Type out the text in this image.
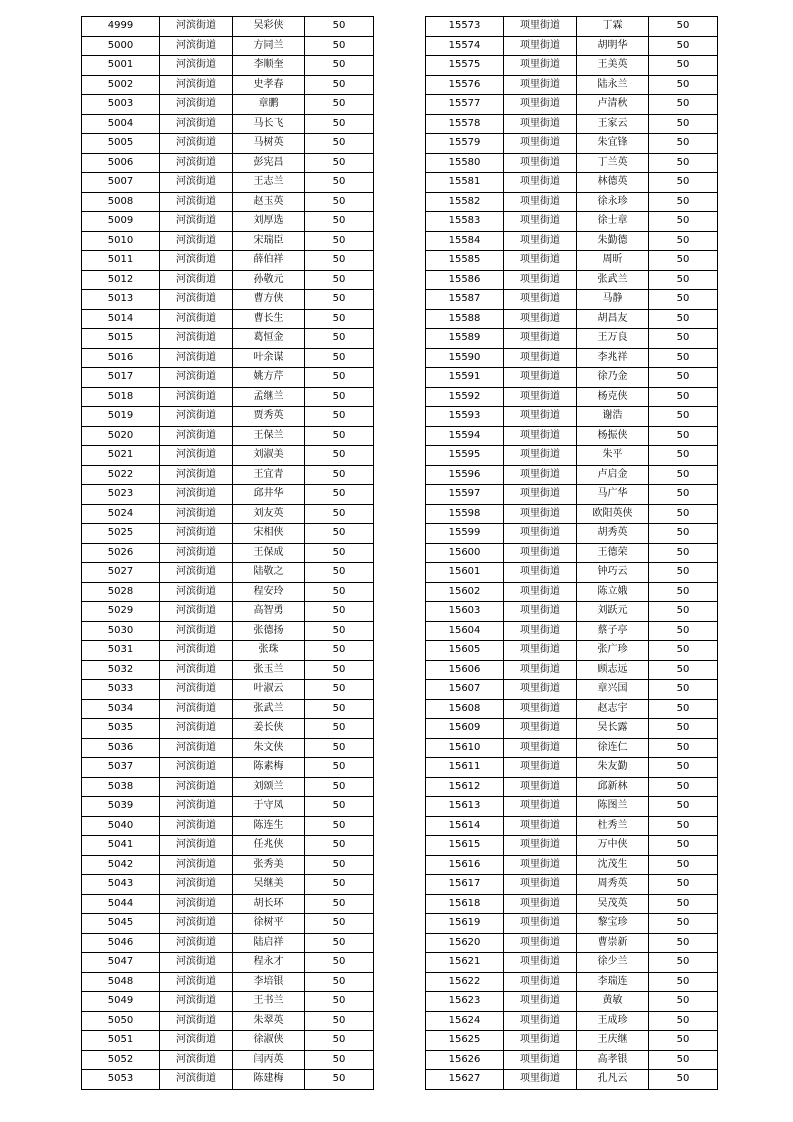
4999	河滨街道	吴彩侠	50
5000	河滨街道	方同兰	50
5001	河滨街道	李顺奎	50
5002	河滨街道	史孝春	50
5003	河滨街道	章鹏	50
5004	河滨街道	马长飞	50
5005	河滨街道	马树英	50
5006	河滨街道	彭宪昌	50
5007	河滨街道	王志兰	50
5008	河滨街道	赵玉英	50
5009	河滨街道	刘厚选	50
5010	河滨街道	宋瑞臣	50
5011	河滨街道	薛伯祥	50
5012	河滨街道	孙敬元	50
5013	河滨街道	曹方侠	50
5014	河滨街道	曹长生	50
5015	河滨街道	葛恒金	50
5016	河滨街道	叶余谋	50
5017	河滨街道	姚方芹	50
5018	河滨街道	孟继兰	50
5019	河滨街道	贾秀英	50
5020	河滨街道	王保兰	50
5021	河滨街道	刘淑美	50
5022	河滨街道	王宜青	50
5023	河滨街道	邱井华	50
5024	河滨街道	刘友英	50
5025	河滨街道	宋相侠	50
5026	河滨街道	王保成	50
5027	河滨街道	陆敬之	50
5028	河滨街道	程安玲	50
5029	河滨街道	高智勇	50
5030	河滨街道	张德扬	50
5031	河滨街道	张珠	50
5032	河滨街道	张玉兰	50
5033	河滨街道	叶淑云	50
5034	河滨街道	张武兰	50
5035	河滨街道	姜长侠	50
5036	河滨街道	朱文侠	50
5037	河滨街道	陈素梅	50
5038	河滨街道	刘颂兰	50
5039	河滨街道	于守凤	50
5040	河滨街道	陈连生	50
5041	河滨街道	任兆侠	50
5042	河滨街道	张秀美	50
5043	河滨街道	吴继美	50
5044	河滨街道	胡长环	50
5045	河滨街道	徐树平	50
5046	河滨街道	陆启祥	50
5047	河滨街道	程永才	50
5048	河滨街道	李培银	50
5049	河滨街道	王书兰	50
5050	河滨街道	朱翠英	50
5051	河滨街道	徐淑侠	50
5052	河滨街道	闫丙英	50
5053	河滨街道	陈建梅	50
15573	项里街道	丁霖	50
15574	项里街道	胡明华	50
15575	项里街道	王美英	50
15576	项里街道	陆永兰	50
15577	项里街道	卢清秋	50
15578	项里街道	王家云	50
15579	项里街道	朱宜锋	50
15580	项里街道	丁兰英	50
15581	项里街道	林德英	50
15582	项里街道	徐永珍	50
15583	项里街道	徐士章	50
15584	项里街道	朱勤德	50
15585	项里街道	周昕	50
15586	项里街道	张武兰	50
15587	项里街道	马静	50
15588	项里街道	胡昌友	50
15589	项里街道	王万良	50
15590	项里街道	李兆祥	50
15591	项里街道	徐乃金	50
15592	项里街道	杨克侠	50
15593	项里街道	谢浩	50
15594	项里街道	杨振侠	50
15595	项里街道	朱平	50
15596	项里街道	卢启金	50
15597	项里街道	马广华	50
15598	项里街道	欧阳英侠	50
15599	项里街道	胡秀英	50
15600	项里街道	王德荣	50
15601	项里街道	钟巧云	50
15602	项里街道	陈立娥	50
15603	项里街道	刘跃元	50
15604	项里街道	蔡子亭	50
15605	项里街道	张广珍	50
15606	项里街道	顾志远	50
15607	项里街道	章兴国	50
15608	项里街道	赵志宇	50
15609	项里街道	吴长露	50
15610	项里街道	徐连仁	50
15611	项里街道	朱友勤	50
15612	项里街道	邱新林	50
15613	项里街道	陈图兰	50
15614	项里街道	杜秀兰	50
15615	项里街道	万中侠	50
15616	项里街道	沈茂生	50
15617	项里街道	周秀英	50
15618	项里街道	吴茂英	50
15619	项里街道	黎宝珍	50
15620	项里街道	曹崇新	50
15621	项里街道	徐少兰	50
15622	项里街道	李瑞连	50
15623	项里街道	黄敏	50
15624	项里街道	王成珍	50
15625	项里街道	王庆继	50
15626	项里街道	高孝银	50
15627	项里街道	孔凡云	50
